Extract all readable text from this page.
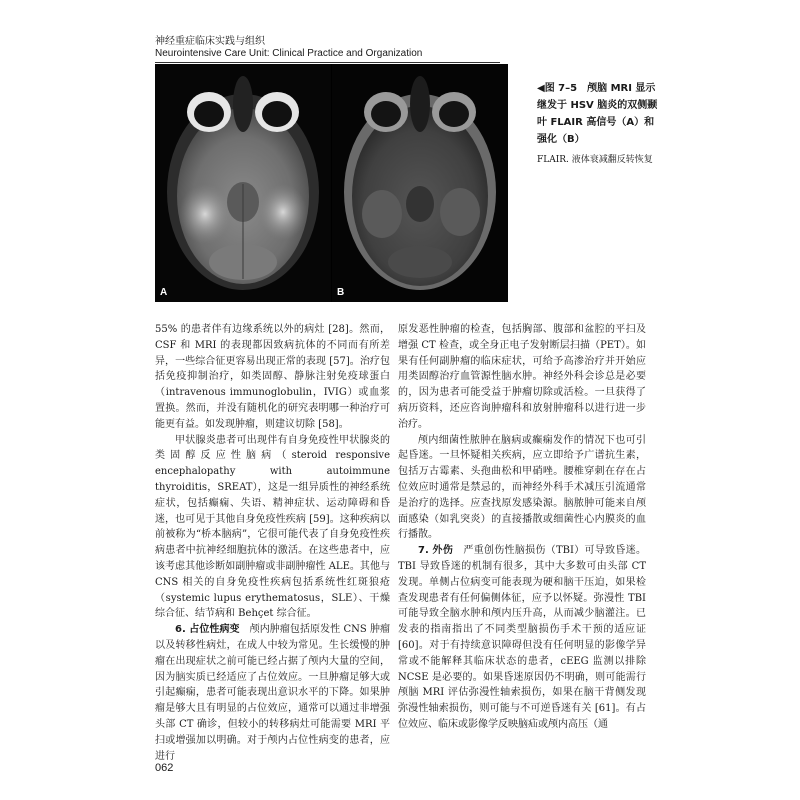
神经重症临床实践与组织
Neurointensive Care Unit: Clinical Practice and Organization
A	B

◀图 7–5　颅脑 MRI 显示继发于 HSV 脑炎的双侧颞叶 FLAIR 高信号（A）和强化（B）

FLAIR. 液体衰减翻反转恢复

55% 的患者伴有边缘系统以外的病灶 [28]。然而，CSF 和 MRI 的表现都因致病抗体的不同而有所差异，一些综合征更容易出现正常的表现 [57]。治疗包括免疫抑制治疗，如类固醇、静脉注射免疫球蛋白（intravenous immunoglobulin，IVIG）或血浆置换。然而，并没有随机化的研究表明哪一种治疗可能更有益。如发现肿瘤，则建议切除 [58]。

甲状腺炎患者可出现伴有自身免疫性甲状腺炎的类固醇反应性脑病（steroid responsive encephalopathy with autoimmune thyroiditis，SREAT），这是一组异质性的神经系统症状，包括癫痫、失语、精神症状、运动障碍和昏迷，也可见于其他自身免疫性疾病 [59]。这种疾病以前被称为“桥本脑病”，它很可能代表了自身免疫性疾病患者中抗神经细胞抗体的激活。在这些患者中，应该考虑其他诊断如副肿瘤或非副肿瘤性 ALE。其他与 CNS 相关的自身免疫性疾病包括系统性红斑狼疮（systemic lupus erythematosus，SLE）、干燥综合征、结节病和 Behçet 综合征。

6. 占位性病变　 颅内肿瘤包括原发性 CNS 肿瘤以及转移性病灶，在成人中较为常见。生长缓慢的肿瘤在出现症状之前可能已经占据了颅内大量的空间，因为脑实质已经适应了占位效应。一旦肿瘤足够大或引起癫痫，患者可能表现出意识水平的下降。如果肿瘤是够大且有明显的占位效应，通常可以通过非增强头部 CT 确诊，但较小的转移病灶可能需要 MRI 平扫或增强加以明确。对于颅内占位性病变的患者，应进行

原发恶性肿瘤的检查，包括胸部、腹部和盆腔的平扫及增强 CT 检查，或全身正电子发射断层扫描（PET）。如果有任何副肿瘤的临床症状，可给予高渗治疗并开始应用类固醇治疗血管源性脑水肿。神经外科会诊总是必要的，因为患者可能受益于肿瘤切除或活检。一旦获得了病历资料，还应咨询肿瘤科和放射肿瘤科以进行进一步治疗。

颅内细菌性脓肿在脑病或癫痫发作的情况下也可引起昏迷。一旦怀疑相关疾病，应立即给予广谱抗生素，包括万古霉素、头孢曲松和甲硝唑。腰椎穿刺在存在占位效应时通常是禁忌的，而神经外科手术减压引流通常是治疗的选择。应查找原发感染源。脑脓肿可能来自颅面感染（如乳突炎）的直接播散或细菌性心内膜炎的血行播散。

7. 外伤　 严重创伤性脑损伤（TBI）可导致昏迷。TBI 导致昏迷的机制有很多，其中大多数可由头部 CT 发现。单侧占位病变可能表现为硬和脑干压迫，如果检查发现患者有任何偏侧体征，应予以怀疑。弥漫性 TBI 可能导致全脑水肿和颅内压升高，从而减少脑灌注。已发表的指南指出了不同类型脑损伤手术干预的适应证 [60]。对于有持续意识障碍但没有任何明显的影像学异常或不能解释其临床状态的患者，cEEG 监测以排除 NCSE 是必要的。如果昏迷原因仍不明确，则可能需行颅脑 MRI 评估弥漫性轴索损伤，如果在脑干背侧发现弥漫性轴索损伤，则可能与不可逆昏迷有关 [61]。有占位效应、临床或影像学反映脑疝或颅内高压（通

062
